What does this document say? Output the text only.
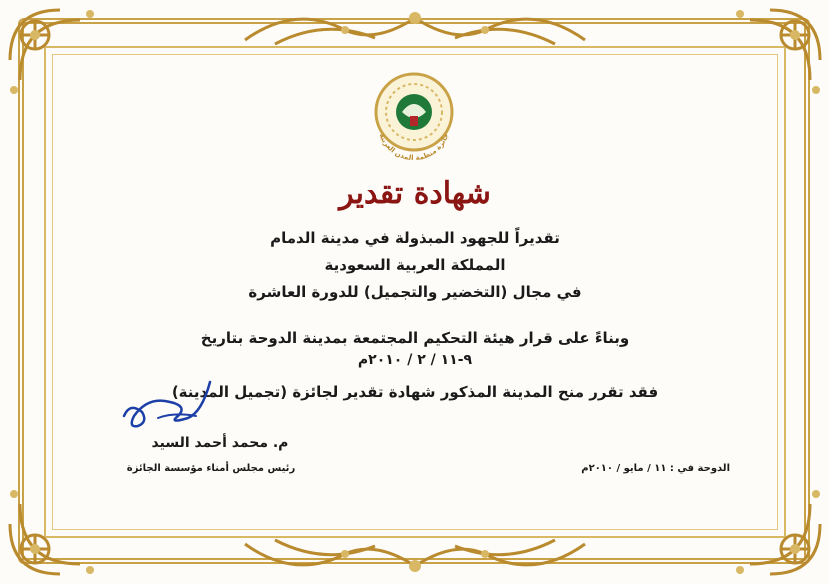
جائزة منظمة المدن العربية
شهادة تقدير
تقديراً للجهود المبذولة في مدينة الدمام
المملكة العربية السعودية
في مجال (التخضير والتجميل) للدورة العاشرة
وبناءً على قرار هيئة التحكيم المجتمعة بمدينة الدوحة بتاريخ
٩-١١ / ٢ / ٢٠١٠م
فقد تقرر منح المدينة المذكور شهادة تقدير لجائزة (تجميل المدينة)
م. محمد أحمد السيد
رئيس مجلس أمناء مؤسسة الجائزة	الدوحة في : ١١ / مايو / ٢٠١٠م
